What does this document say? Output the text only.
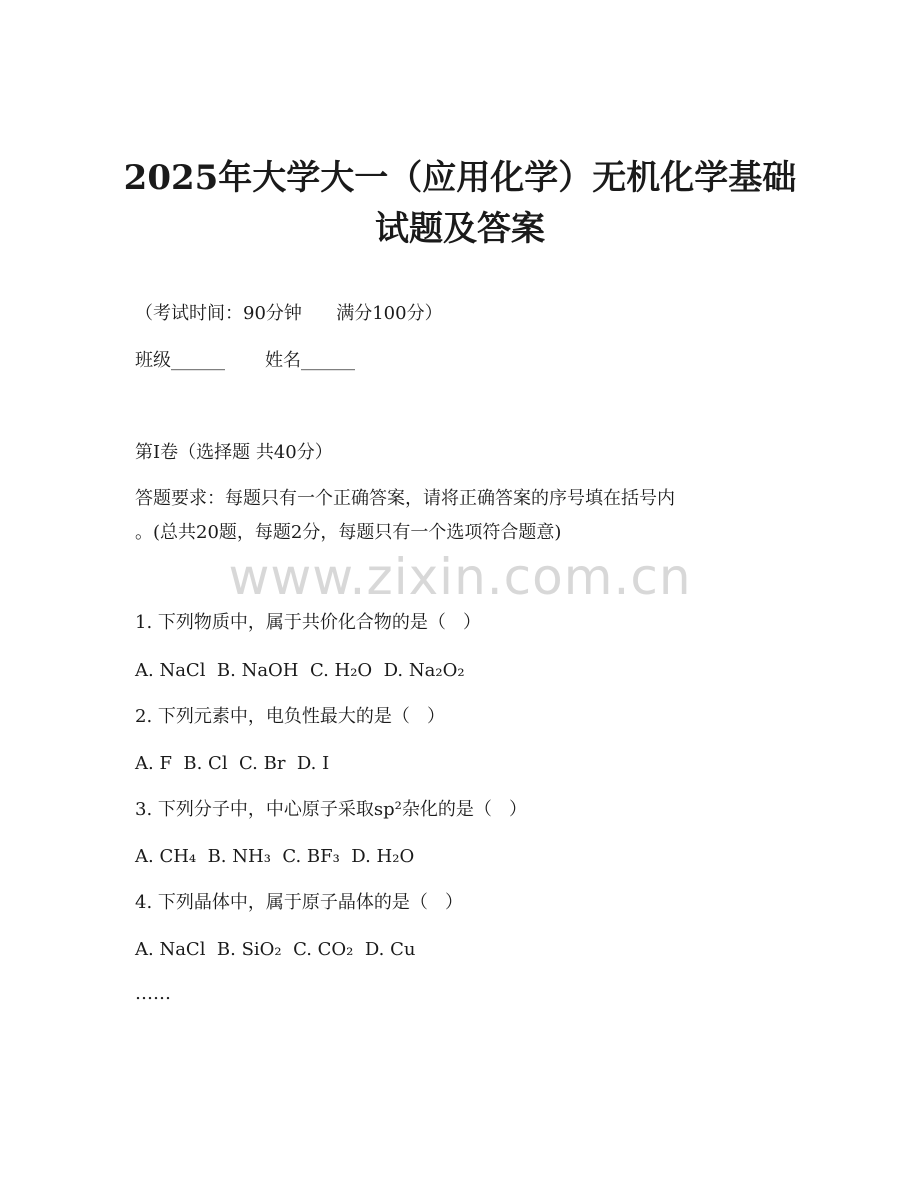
2025年大学大一（应用化学）无机化学基础
试题及答案

（考试时间：90分钟      满分100分）

班级______       姓名______

第I卷（选择题 共40分）

答题要求：每题只有一个正确答案，请将正确答案的序号填在括号内

。(总共20题，每题2分，每题只有一个选项符合题意)

www.zixin.com.cn

1. 下列物质中，属于共价化合物的是（   ）

A. NaCl  B. NaOH  C. H₂O  D. Na₂O₂

2. 下列元素中，电负性最大的是（   ）

A. F  B. Cl  C. Br  D. I

3. 下列分子中，中心原子采取sp²杂化的是（   ）

A. CH₄  B. NH₃  C. BF₃  D. H₂O

4. 下列晶体中，属于原子晶体的是（   ）

A. NaCl  B. SiO₂  C. CO₂  D. Cu

……
